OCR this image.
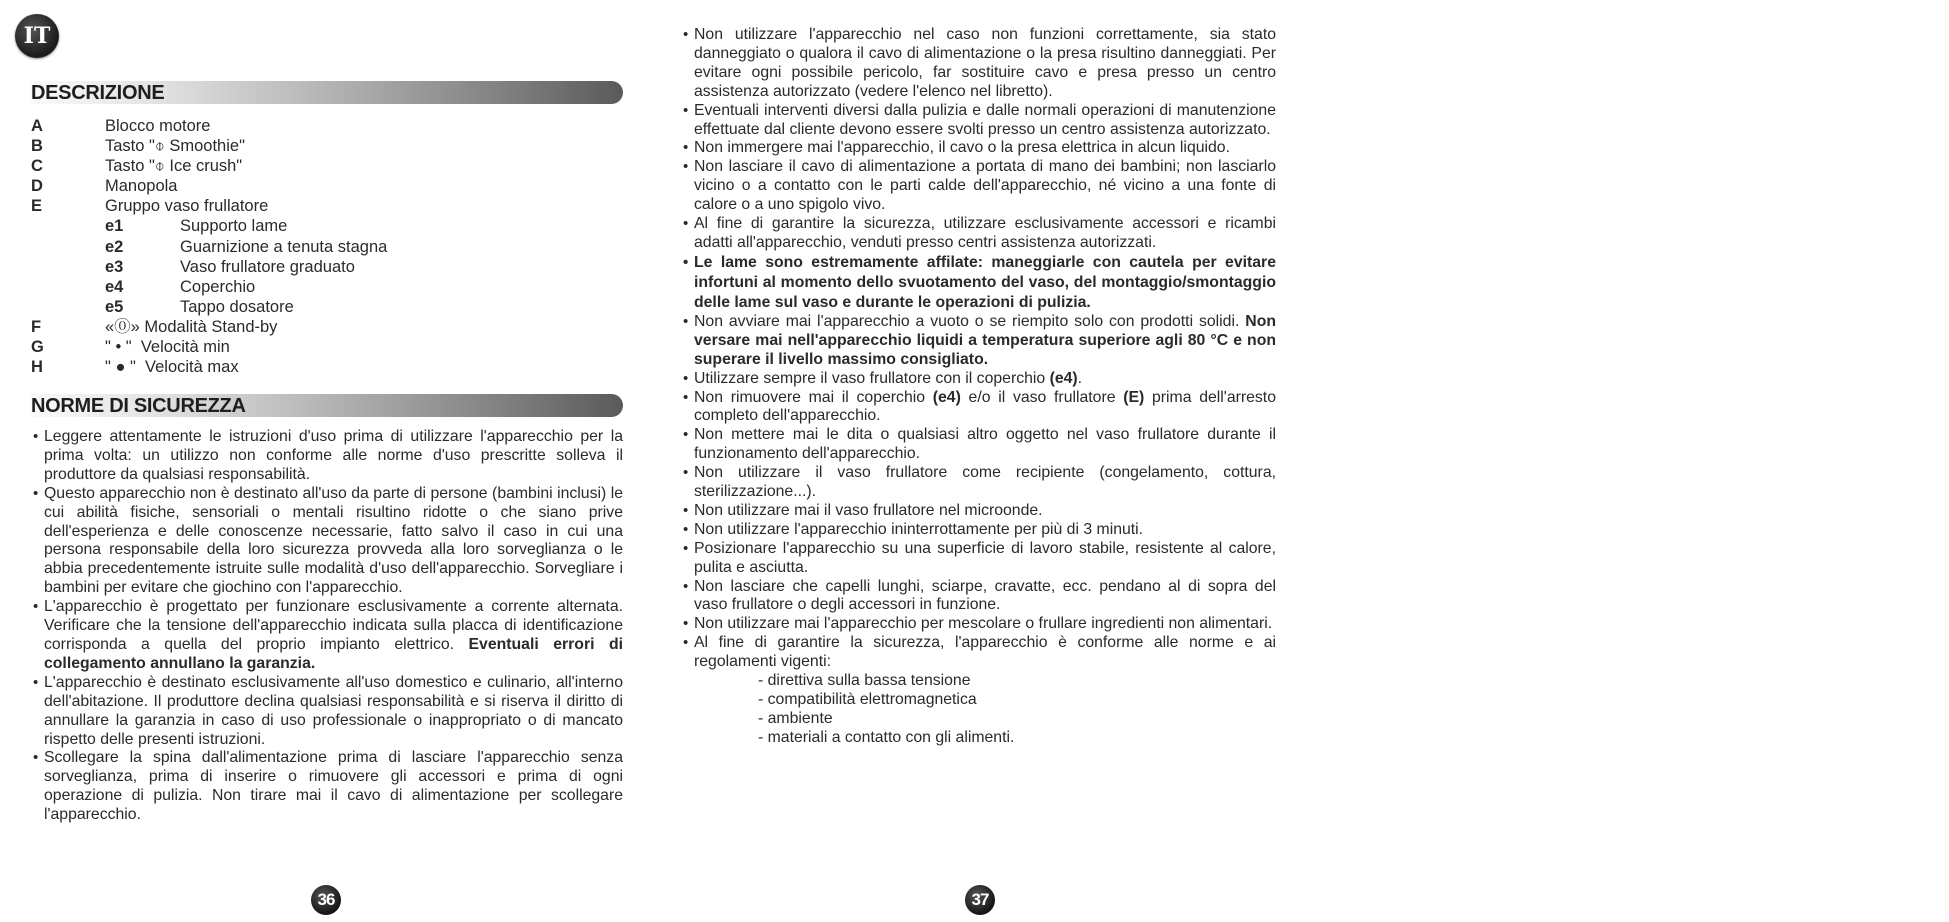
IT
DESCRIZIONE
A	Blocco motore
B	Tasto "⌽ Smoothie"
C	Tasto "⌽ Ice crush"
D	Manopola
E	Gruppo vaso frullatore
e1	Supporto lame
e2	Guarnizione a tenuta stagna
e3	Vaso frullatore graduato
e4	Coperchio
e5	Tappo dosatore
F	«⓪» Modalità Stand-by
G	" • "  Velocità min
H	" ● "  Velocità max
NORME DI SICUREZZA
• Leggere attentamente le istruzioni d'uso prima di utilizzare l'apparecchio per la prima volta: un utilizzo non conforme alle norme d'uso prescritte solleva il produttore da qualsiasi responsabilità.
• Questo apparecchio non è destinato all'uso da parte di persone (bambini inclusi) le cui abilità fisiche, sensoriali o mentali risultino ridotte o che siano prive dell'esperienza e delle conoscenze necessarie, fatto salvo il caso in cui una persona responsabile della loro sicurezza provveda alla loro sorveglianza o le abbia precedentemente istruite sulle modalità d'uso dell'apparecchio. Sorvegliare i bambini per evitare che giochino con l'apparecchio.
• L'apparecchio è progettato per funzionare esclusivamente a corrente alternata. Verificare che la tensione dell'apparecchio indicata sulla placca di identificazione corrisponda a quella del proprio impianto elettrico. Eventuali errori di collegamento annullano la garanzia.
• L'apparecchio è destinato esclusivamente all'uso domestico e culinario, all'interno dell'abitazione. Il produttore declina qualsiasi responsabilità e si riserva il diritto di annullare la garanzia in caso di uso professionale o inappropriato o di mancato rispetto delle presenti istruzioni.
• Scollegare la spina dall'alimentazione prima di lasciare l'apparecchio senza sorveglianza, prima di inserire o rimuovere gli accessori e prima di ogni operazione di pulizia. Non tirare mai il cavo di alimentazione per scollegare l'apparecchio.
• Non utilizzare l'apparecchio nel caso non funzioni correttamente, sia stato danneggiato o qualora il cavo di alimentazione o la presa risultino danneggiati. Per evitare ogni possibile pericolo, far sostituire cavo e presa presso un centro assistenza autorizzato (vedere l'elenco nel libretto).
• Eventuali interventi diversi dalla pulizia e dalle normali operazioni di manutenzione effettuate dal cliente devono essere svolti presso un centro assistenza autorizzato.
• Non immergere mai l'apparecchio, il cavo o la presa elettrica in alcun liquido.
• Non lasciare il cavo di alimentazione a portata di mano dei bambini; non lasciarlo vicino o a contatto con le parti calde dell'apparecchio, né vicino a una fonte di calore o a uno spigolo vivo.
• Al fine di garantire la sicurezza, utilizzare esclusivamente accessori e ricambi adatti all'apparecchio, venduti presso centri assistenza autorizzati.
• Le lame sono estremamente affilate: maneggiarle con cautela per evitare infortuni al momento dello svuotamento del vaso, del montaggio/smontaggio delle lame sul vaso e durante le operazioni di pulizia.
• Non avviare mai l'apparecchio a vuoto o se riempito solo con prodotti solidi. Non versare mai nell'apparecchio liquidi a temperatura superiore agli 80 °C e non superare il livello massimo consigliato.
• Utilizzare sempre il vaso frullatore con il coperchio (e4).
• Non rimuovere mai il coperchio (e4) e/o il vaso frullatore (E) prima dell'arresto completo dell'apparecchio.
• Non mettere mai le dita o qualsiasi altro oggetto nel vaso frullatore durante il funzionamento dell'apparecchio.
• Non utilizzare il vaso frullatore come recipiente (congelamento, cottura, sterilizzazione...).
• Non utilizzare mai il vaso frullatore nel microonde.
• Non utilizzare l'apparecchio ininterrottamente per più di 3 minuti.
• Posizionare l'apparecchio su una superficie di lavoro stabile, resistente al calore, pulita e asciutta.
• Non lasciare che capelli lunghi, sciarpe, cravatte, ecc. pendano al di sopra del vaso frullatore o degli accessori in funzione.
• Non utilizzare mai l'apparecchio per mescolare o frullare ingredienti non alimentari.
• Al fine di garantire la sicurezza, l'apparecchio è conforme alle norme e ai regolamenti vigenti:
- direttiva sulla bassa tensione
- compatibilità elettromagnetica
- ambiente
- materiali a contatto con gli alimenti.
36	37
